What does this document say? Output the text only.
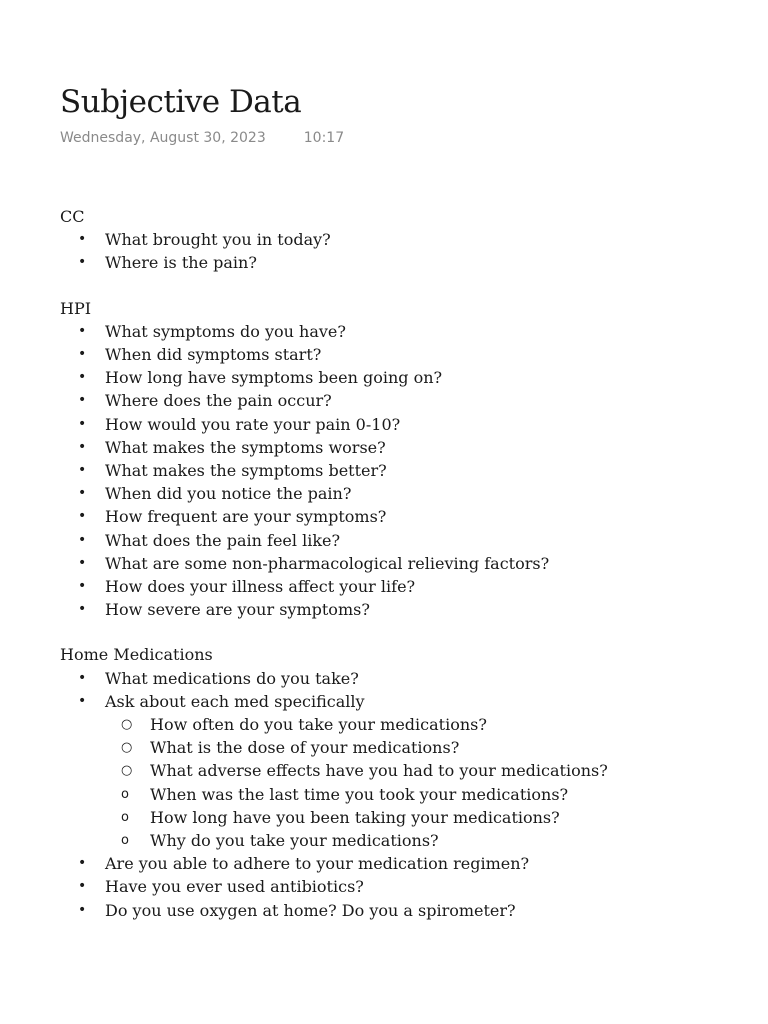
Subjective Data
Wednesday, August 30, 2023	10:17
CC
• What brought you in today?
• Where is the pain?
HPI
• What symptoms do you have?
• When did symptoms start?
• How long have symptoms been going on?
• Where does the pain occur?
• How would you rate your pain 0-10?
• What makes the symptoms worse?
• What makes the symptoms better?
• When did you notice the pain?
• How frequent are your symptoms?
• What does the pain feel like?
• What are some non-pharmacological relieving factors?
• How does your illness affect your life?
• How severe are your symptoms?
Home Medications
• What medications do you take?
• Ask about each med specifically
○ How often do you take your medications?
○ What is the dose of your medications?
○ What adverse effects have you had to your medications?
o When was the last time you took your medications?
o How long have you been taking your medications?
o Why do you take your medications?
• Are you able to adhere to your medication regimen?
• Have you ever used antibiotics?
• Do you use oxygen at home? Do you a spirometer?
